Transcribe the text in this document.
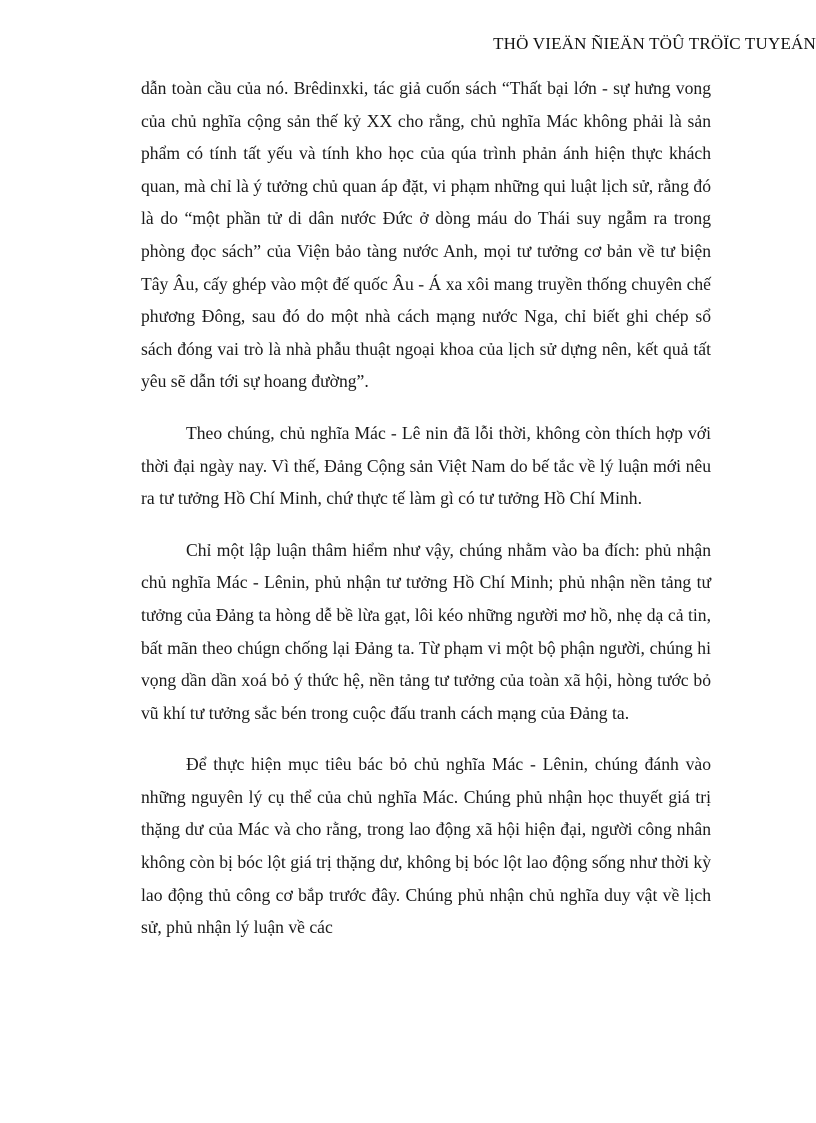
THÖ VIEÄN ÑIEÄN TÖÛ TRÖÏC TUYEÁN

dẫn toàn cầu của nó. Brêdinxki, tác giả cuốn sách “Thất bại lớn - sự hưng vong của chủ nghĩa cộng sản thế kỷ XX cho rằng, chủ nghĩa Mác không phải là sản phẩm có tính tất yếu và tính kho học của qúa trình phản ánh hiện thực khách quan, mà chỉ là ý tưởng chủ quan áp đặt, vi phạm những qui luật lịch sử, rằng đó là do “một phần tử di dân nước Đức ở dòng máu do Thái suy ngẫm ra trong phòng đọc sách” của Viện bảo tàng nước Anh, mọi tư tưởng cơ bản về tư biện Tây Âu, cấy ghép vào một đế quốc Âu - Á xa xôi mang truyền thống chuyên chế phương Đông, sau đó do một nhà cách mạng nước Nga, chỉ biết ghi chép sổ sách đóng vai trò là nhà phẫu thuật ngoại khoa của lịch sử dựng nên, kết quả tất yêu sẽ dẫn tới sự hoang đường”.

Theo chúng, chủ nghĩa Mác - Lê nin đã lỗi thời, không còn thích hợp với thời đại ngày nay. Vì thế, Đảng Cộng sản Việt Nam do bế tắc về lý luận mới nêu ra tư tưởng Hồ Chí Minh, chứ thực tế làm gì có tư tưởng Hồ Chí Minh.

Chỉ một lập luận thâm hiểm như vậy, chúng nhằm vào ba đích: phủ nhận chủ nghĩa Mác - Lênin, phủ nhận tư tưởng Hồ Chí Minh; phủ nhận nền tảng tư tưởng của Đảng ta hòng dễ bề lừa gạt, lôi kéo những người mơ hồ, nhẹ dạ cả tin, bất mãn theo chúgn chống lại Đảng ta. Từ phạm vi một bộ phận người, chúng hi vọng dần dần xoá bỏ ý thức hệ, nền tảng tư tưởng của toàn xã hội, hòng tước bỏ vũ khí tư tưởng sắc bén trong cuộc đấu tranh cách mạng của Đảng ta.

Để thực hiện mục tiêu bác bỏ chủ nghĩa Mác - Lênin, chúng đánh vào những nguyên lý cụ thể của chủ nghĩa Mác. Chúng phủ nhận học thuyết giá trị thặng dư của Mác và cho rằng, trong lao động xã hội hiện đại, người công nhân không còn bị bóc lột giá trị thặng dư, không bị bóc lột lao động sống như thời kỳ lao động thủ công cơ bắp trước đây. Chúng phủ nhận chủ nghĩa duy vật về lịch sử, phủ nhận lý luận về các
